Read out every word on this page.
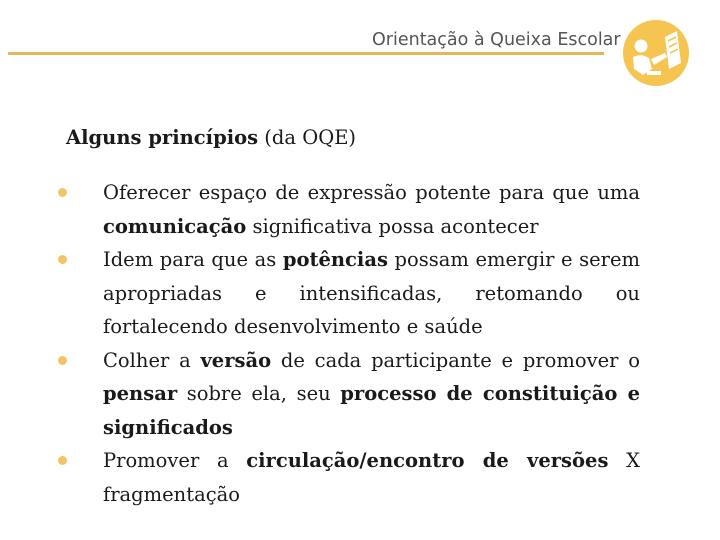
Orientação à Queixa Escolar
Alguns princípios (da OQE)
Oferecer espaço de expressão potente para que uma comunicação significativa possa acontecer
Idem para que as potências possam emergir e serem apropriadas e intensificadas, retomando ou fortalecendo desenvolvimento e saúde
Colher a versão de cada participante e promover o pensar sobre ela, seu processo de constituição e significados
Promover a circulação/encontro de versões X fragmentação
